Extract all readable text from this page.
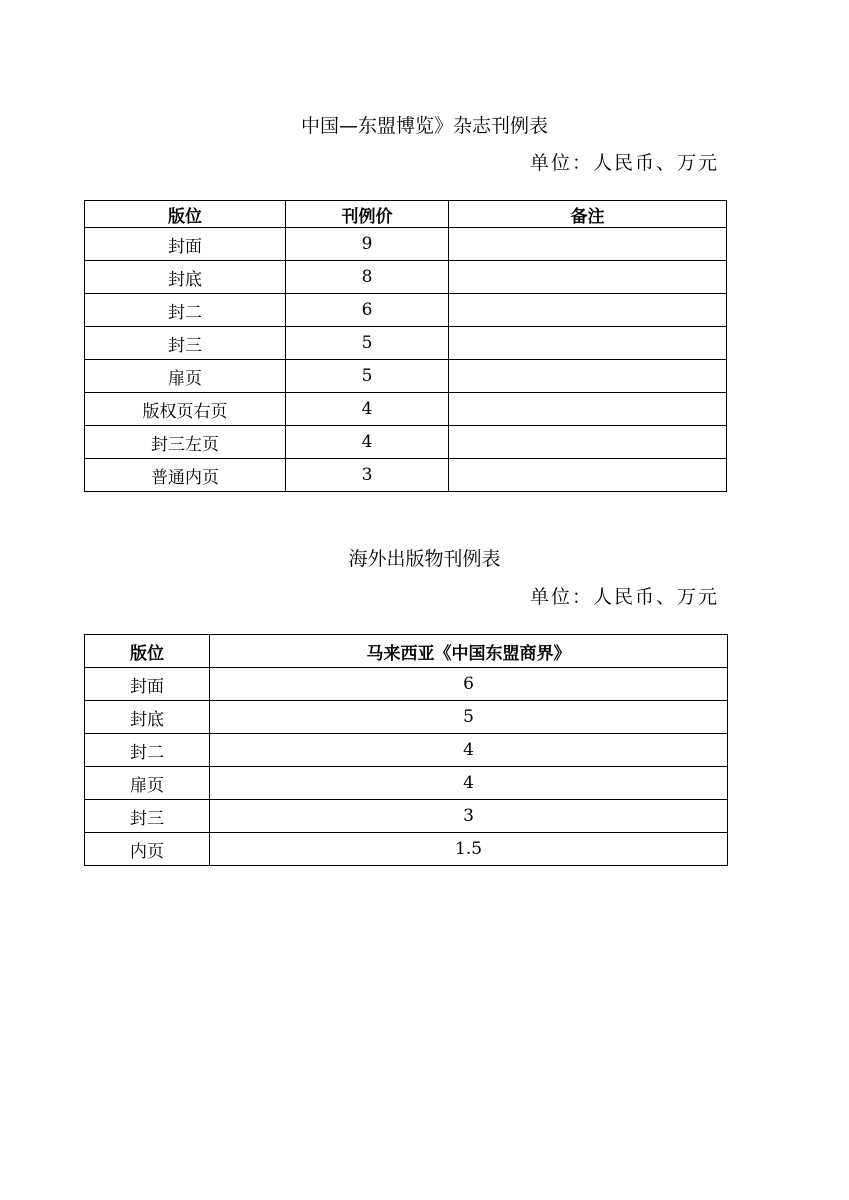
中国—东盟博览》杂志刊例表

单位：人民币、万元

版位	刊例价	备注
封面	9	
封底	8	
封二	6	
封三	5	
扉页	5	
版权页右页	4	
封三左页	4	
普通内页	3	
海外出版物刊例表

单位：人民币、万元

版位	马来西亚《中国东盟商界》
封面	6
封底	5
封二	4
扉页	4
封三	3
内页	1.5
